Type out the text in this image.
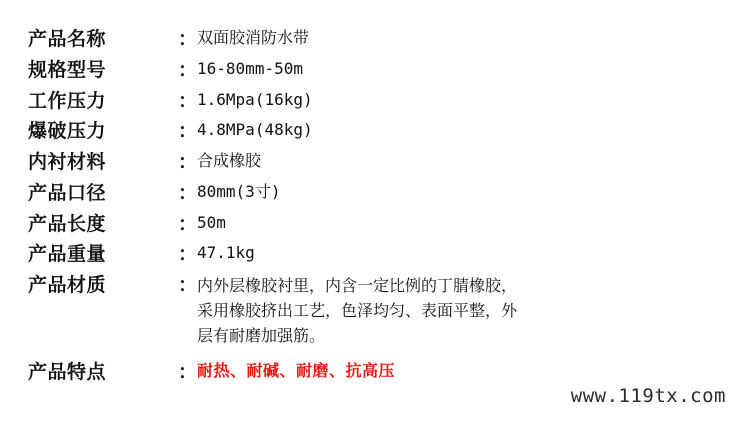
产品名称	：	双面胶消防水带
规格型号	：	16-80mm-50m
工作压力	：	1.6Mpa(16kg)
爆破压力	：	4.8MPa(48kg)
内衬材料	：	合成橡胶
产品口径	：	80mm(3寸)
产品长度	：	50m
产品重量	：	47.1kg
产品材质	：	内外层橡胶衬里，内含一定比例的丁腈橡胶，
采用橡胶挤出工艺，色泽均匀、表面平整，外
层有耐磨加强筋。

产品特点	：	耐热、耐碱、耐磨、抗高压
www.119tx.com
